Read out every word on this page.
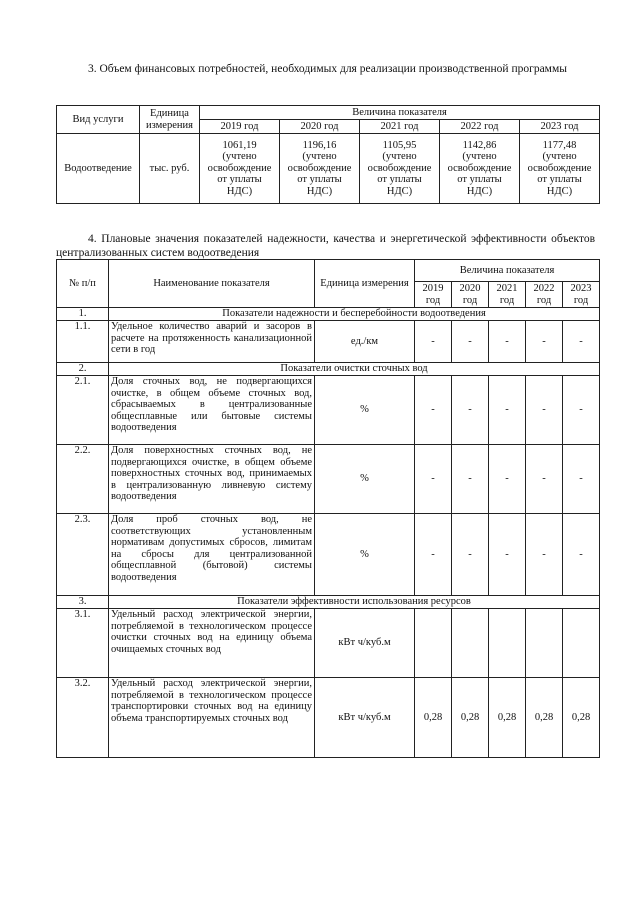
3. Объем финансовых потребностей, необходимых для реализации производственной программы
Вид услуги	Единица измерения	Величина показателя				
		2019 год	2020 год	2021 год	2022 год	2023 год
Водоотведение	тыс. руб.	1061,19
(учтено
освобождение
от уплаты
НДС)	1196,16
(учтено
освобождение
от уплаты
НДС)	1105,95
(учтено
освобождение
от уплаты
НДС)	1142,86
(учтено
освобождение
от уплаты
НДС)	1177,48
(учтено
освобождение
от уплаты
НДС)
4. Плановые значения показателей надежности, качества и энергетической эффективности объектов централизованных систем водоотведения
№ п/п	Наименование показателя	Единица измерения	Величина показателя				
			2019
год	2020
год	2021
год	2022
год	2023
год
1.	Показатели надежности и бесперебойности водоотведения						
1.1.	Удельное количество аварий и засоров в расчете на протяженность канализационной сети в год	ед./км	-	-	-	-	-
2.	Показатели очистки сточных вод						
2.1.	Доля сточных вод, не подвергающихся очистке, в общем объеме сточных вод, сбрасываемых в централизованные общесплавные или бытовые системы водоотведения	%	-	-	-	-	-
2.2.	Доля поверхностных сточных вод, не подвергающихся очистке, в общем объеме поверхностных сточных вод, принимаемых в централизованную ливневую систему водоотведения	%	-	-	-	-	-
2.3.	Доля проб сточных вод, не соответствующих установленным нормативам допустимых сбросов, лимитам на сбросы для централизованной общесплавной (бытовой) системы водоотведения	%	-	-	-	-	-
3.	Показатели эффективности использования ресурсов						
3.1.	Удельный расход электрической энергии, потребляемой в технологическом процессе очистки сточных вод на единицу объема очищаемых сточных вод	кВт ч/куб.м					
3.2.	Удельный расход электрической энергии, потребляемой в технологическом процессе транспортировки сточных вод на единицу объема транспортируемых сточных вод	кВт ч/куб.м	0,28	0,28	0,28	0,28	0,28
